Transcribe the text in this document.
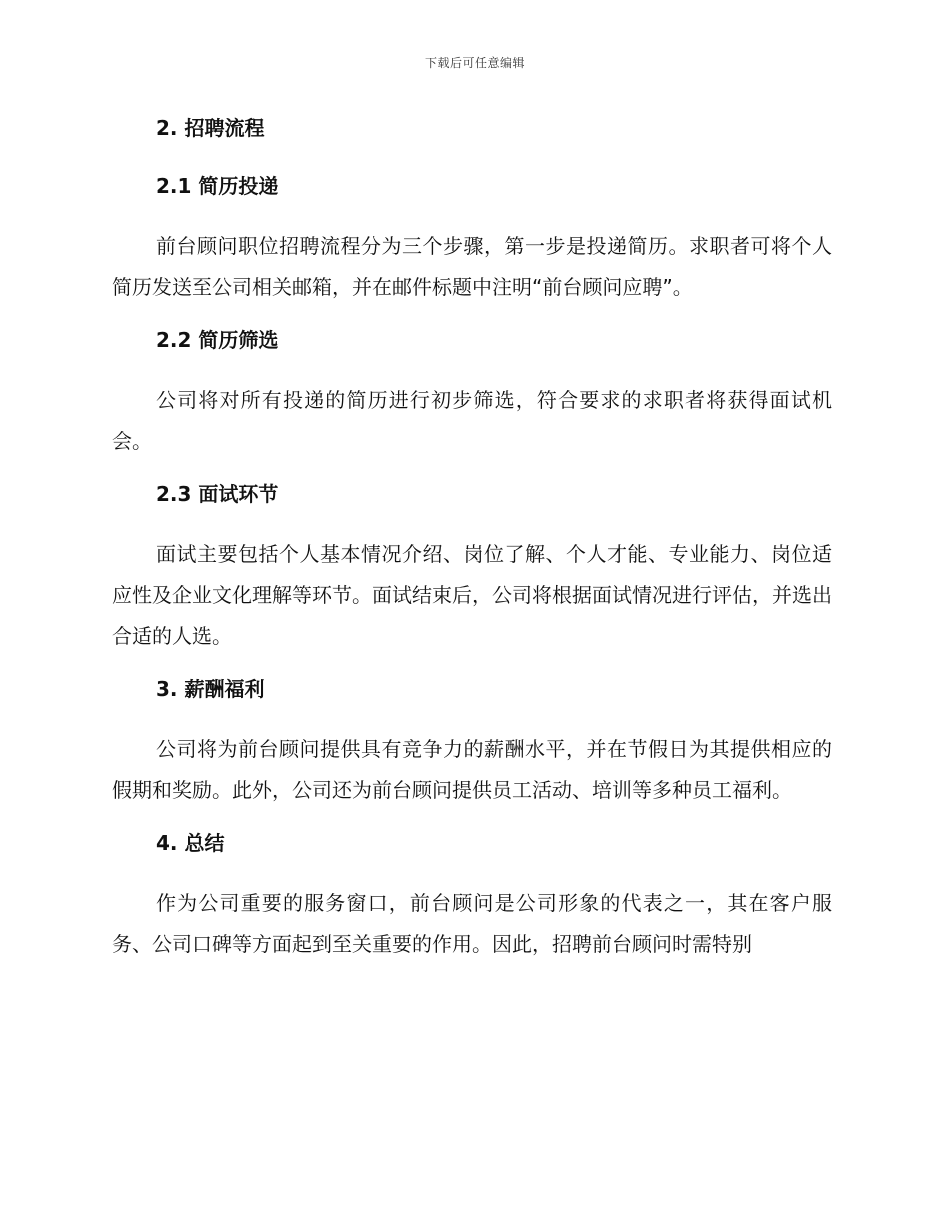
下载后可任意编辑
2. 招聘流程
2.1 简历投递

前台顾问职位招聘流程分为三个步骤，第一步是投递简历。求职者可将个人简历发送至公司相关邮箱，并在邮件标题中注明“前台顾问应聘”。

2.2 简历筛选

公司将对所有投递的简历进行初步筛选，符合要求的求职者将获得面试机会。

2.3 面试环节

面试主要包括个人基本情况介绍、岗位了解、个人才能、专业能力、岗位适应性及企业文化理解等环节。面试结束后，公司将根据面试情况进行评估，并选出合适的人选。

3. 薪酬福利

公司将为前台顾问提供具有竞争力的薪酬水平，并在节假日为其提供相应的假期和奖励。此外，公司还为前台顾问提供员工活动、培训等多种员工福利。

4. 总结

作为公司重要的服务窗口，前台顾问是公司形象的代表之一，其在客户服务、公司口碑等方面起到至关重要的作用。因此，招聘前台顾问时需特别
